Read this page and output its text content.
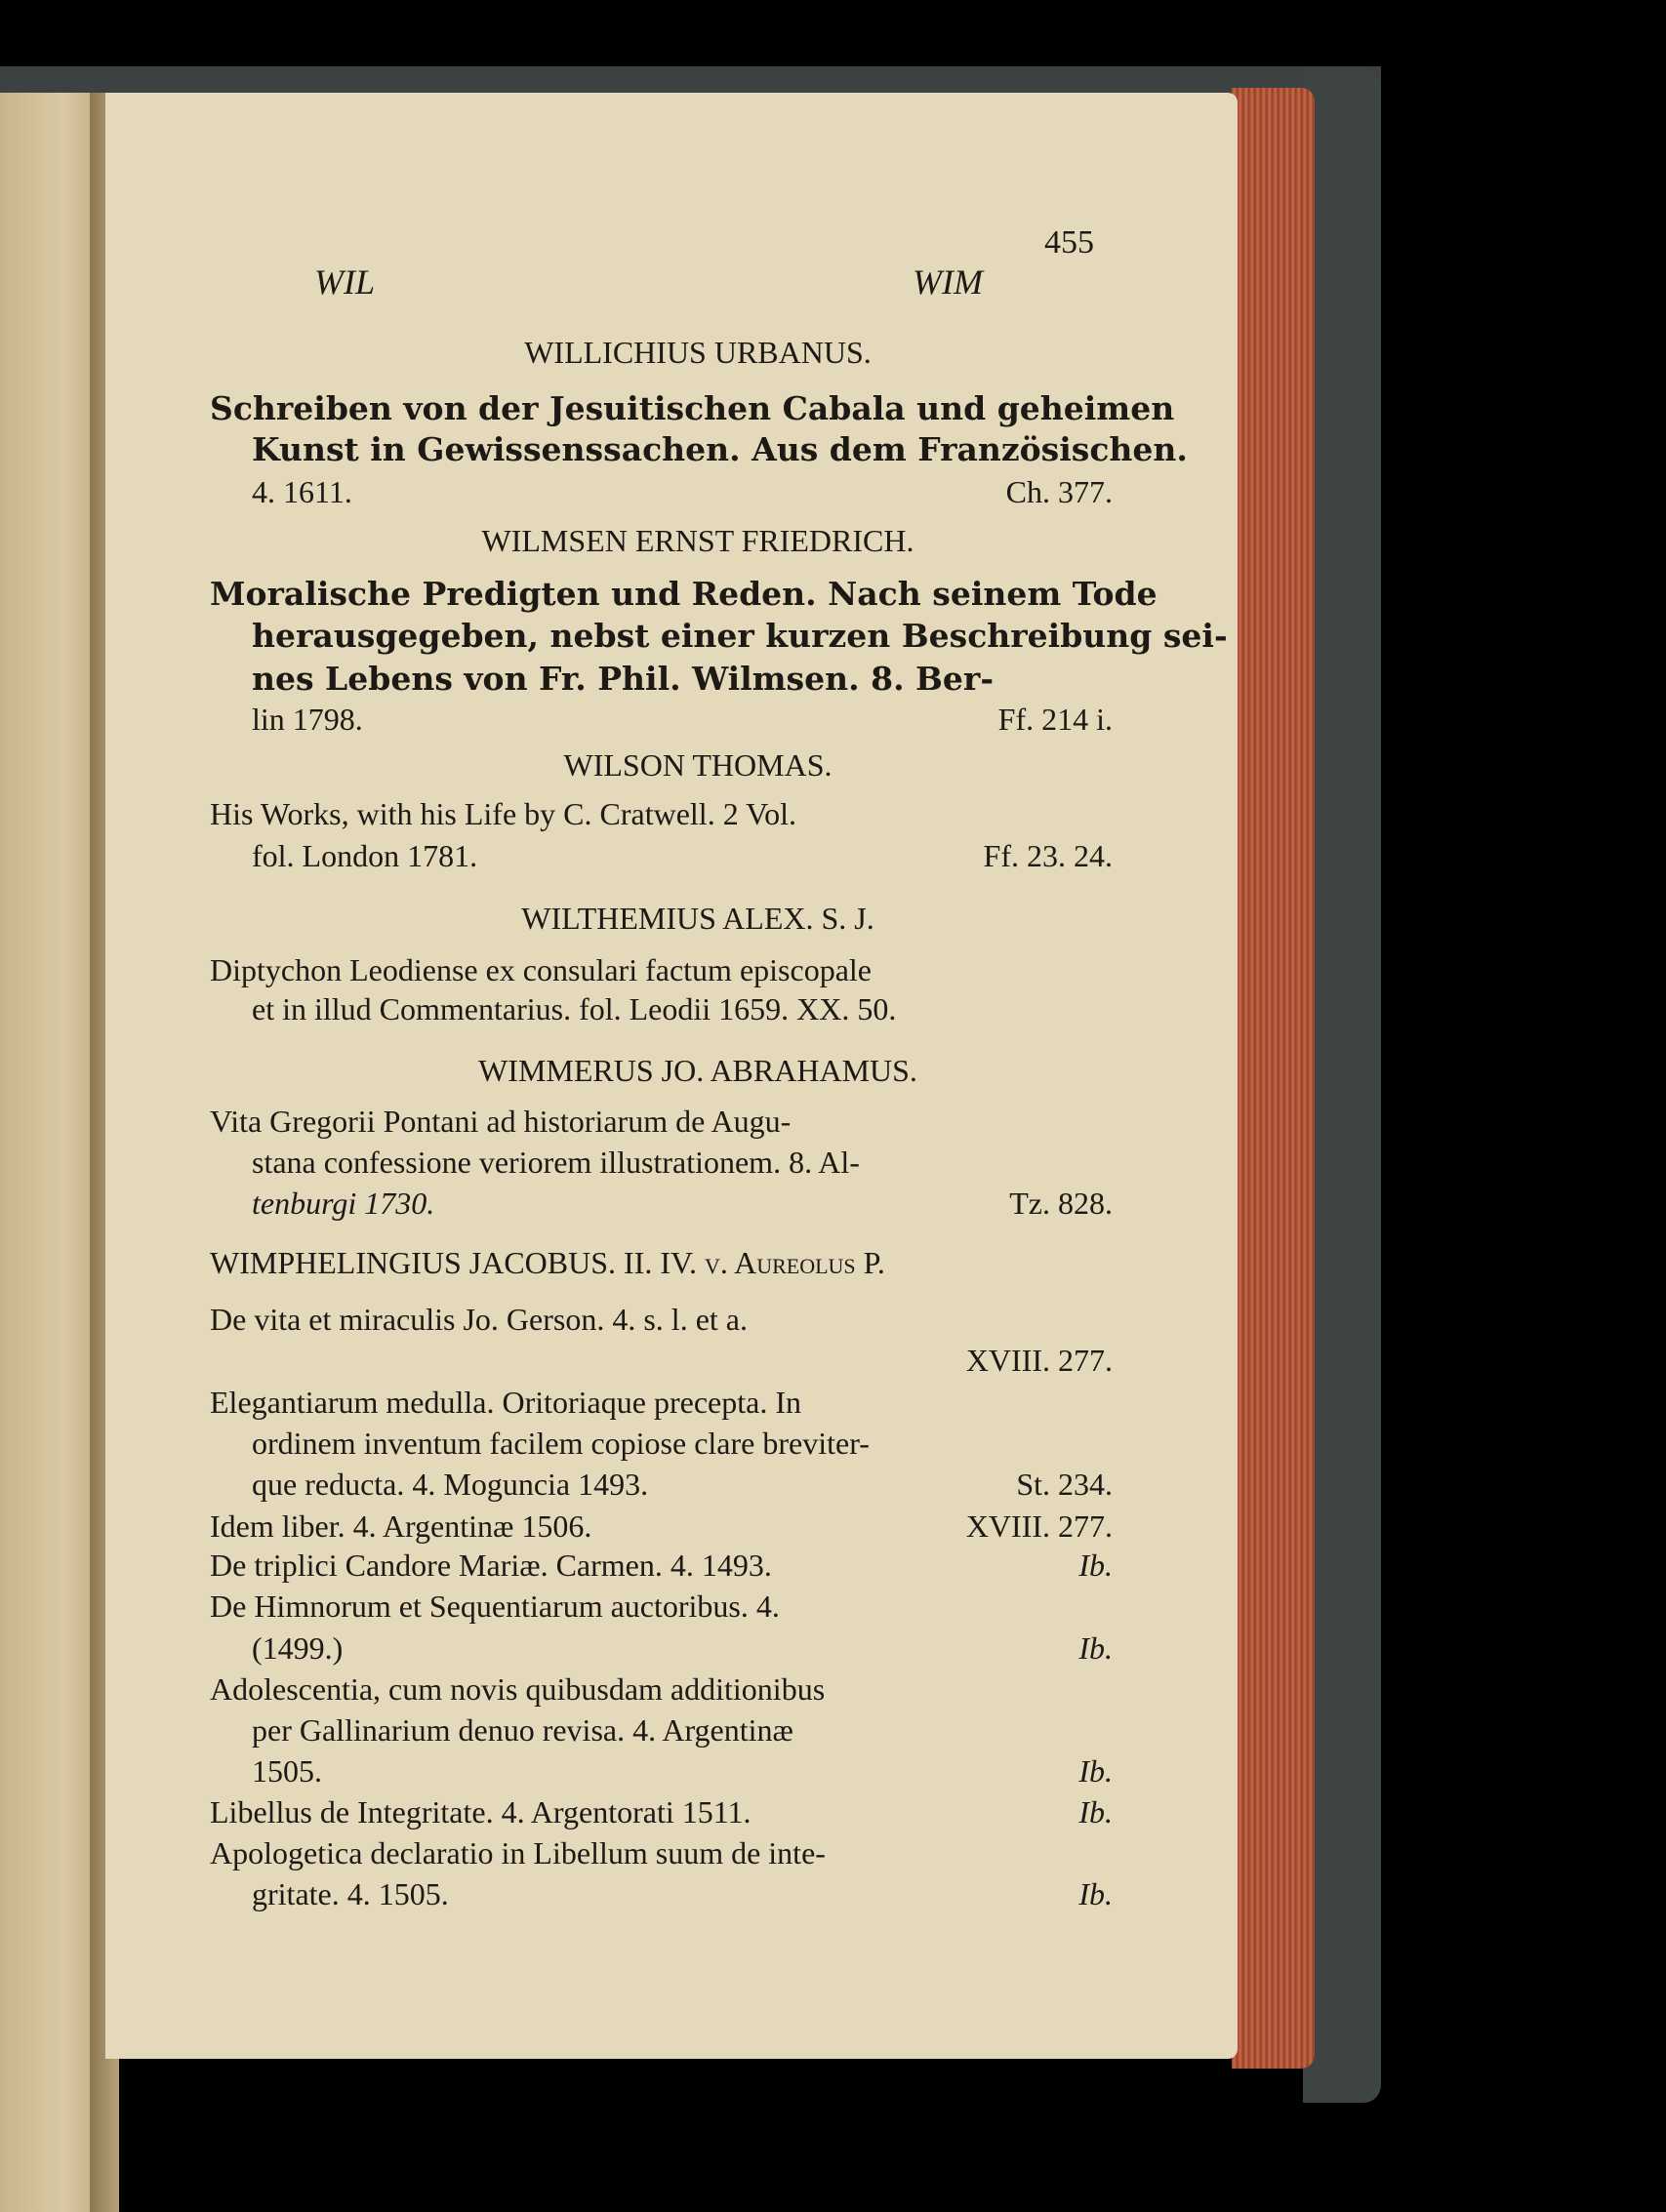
WIL	WIM
455
WILLICHIUS URBANUS.
Schreiben von der Jesuitischen Cabala und geheimen
Kunst in Gewissenssachen. Aus dem Französischen.
4. 1611.	Ch. 377.
WILMSEN ERNST FRIEDRICH.
Moralische Predigten und Reden. Nach seinem Tode
herausgegeben, nebst einer kurzen Beschreibung sei-
nes Lebens von Fr. Phil. Wilmsen. 8. Ber-
lin 1798.	Ff. 214 i.
WILSON THOMAS.
His Works, with his Life by C. Cratwell. 2 Vol.
fol. London 1781.	Ff. 23. 24.
WILTHEMIUS ALEX. S. J.
Diptychon Leodiense ex consulari factum episcopale
et in illud Commentarius. fol. Leodii 1659. XX. 50.
WIMMERUS JO. ABRAHAMUS.
Vita Gregorii Pontani ad historiarum de Augu-
stana confessione veriorem illustrationem. 8. Al-
tenburgi 1730.	Tz. 828.
WIMPHELINGIUS JACOBUS. II. IV. v. Aureolus P.
De vita et miraculis Jo. Gerson. 4. s. l. et a.
XVIII. 277.
Elegantiarum medulla. Oritoriaque precepta. In
ordinem inventum facilem copiose clare breviter-
que reducta. 4. Moguncia 1493.	St. 234.
Idem liber. 4. Argentinæ 1506.	XVIII. 277.
De triplici Candore Mariæ. Carmen. 4. 1493.	Ib.
De Himnorum et Sequentiarum auctoribus. 4.
(1499.)	Ib.
Adolescentia, cum novis quibusdam additionibus
per Gallinarium denuo revisa. 4. Argentinæ
1505.	Ib.
Libellus de Integritate. 4. Argentorati 1511.	Ib.
Apologetica declaratio in Libellum suum de inte-
gritate. 4. 1505.	Ib.
